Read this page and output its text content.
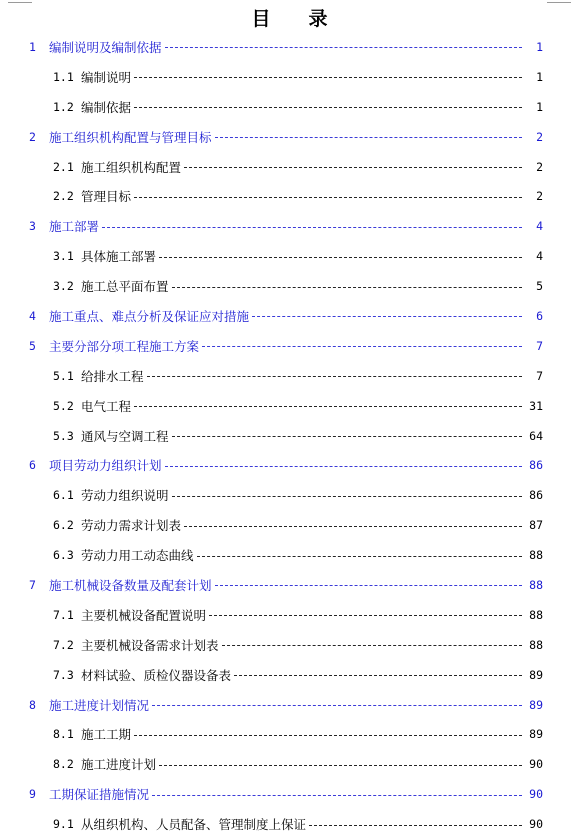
目 录
1	编制说明及编制依据	1
1.1 编制说明	1
1.2 编制依据	1
2	施工组织机构配置与管理目标	2
2.1 施工组织机构配置	2
2.2 管理目标	2
3	施工部署	4
3.1 具体施工部署	4
3.2 施工总平面布置	5
4	施工重点、难点分析及保证应对措施	6
5	主要分部分项工程施工方案	7
5.1 给排水工程	7
5.2 电气工程	31
5.3 通风与空调工程	64
6	项目劳动力组织计划	86
6.1 劳动力组织说明	86
6.2 劳动力需求计划表	87
6.3 劳动力用工动态曲线	88
7	施工机械设备数量及配套计划	88
7.1 主要机械设备配置说明	88
7.2 主要机械设备需求计划表	88
7.3 材料试验、质检仪器设备表	89
8	施工进度计划情况	89
8.1 施工工期	89
8.2 施工进度计划	90
9	工期保证措施情况	90
9.1 从组织机构、人员配备、管理制度上保证	90
